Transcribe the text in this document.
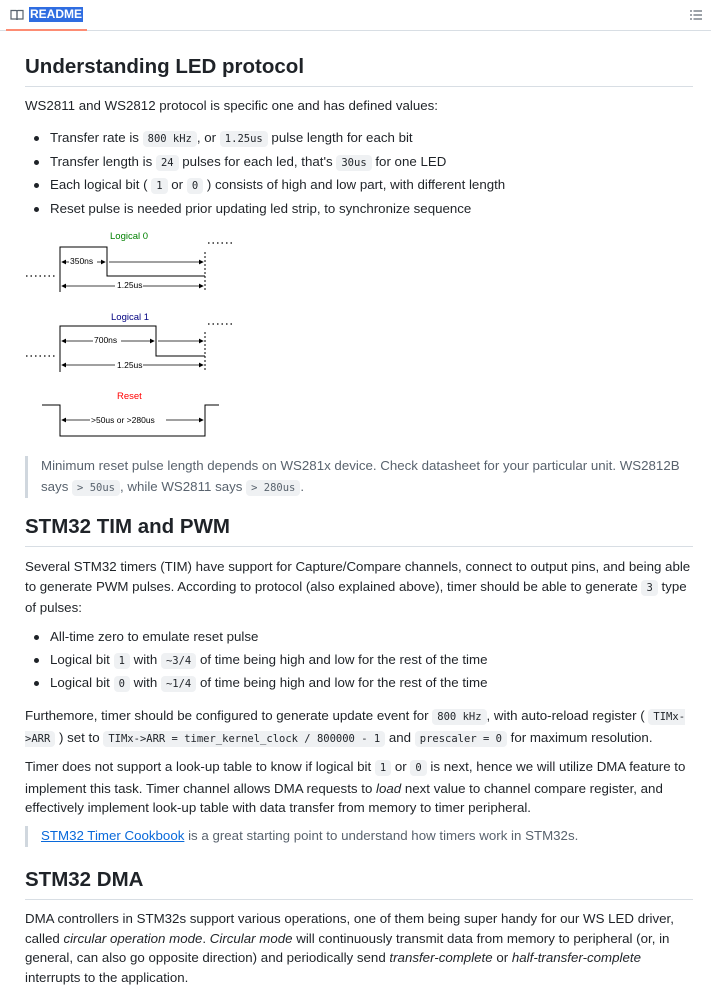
README
Understanding LED protocol

WS2811 and WS2812 protocol is specific one and has defined values:

Transfer rate is 800 kHz , or 1.25us pulse length for each bit
Transfer length is 24 pulses for each led, that's 30us for one LED
Each logical bit ( 1 or 0 ) consists of high and low part, with different length
Reset pulse is needed prior updating led strip, to synchronize sequence
Logical 0
350ns
1.25us
Logical 1
700ns
1.25us
Reset
>50us or >280us
Minimum reset pulse length depends on WS281x device. Check datasheet for your particular unit. WS2812B says > 50us , while WS2811 says > 280us .
STM32 TIM and PWM

Several STM32 timers (TIM) have support for Capture/Compare channels, connect to output pins, and being able to generate PWM pulses. According to protocol (also explained above), timer should be able to generate 3 type of pulses:

All-time zero to emulate reset pulse
Logical bit 1 with ~3/4 of time being high and low for the rest of the time
Logical bit 0 with ~1/4 of time being high and low for the rest of the time

Furthemore, timer should be configured to generate update event for 800 kHz , with auto-reload register ( TIMx->ARR ) set to TIMx->ARR = timer_kernel_clock / 800000 - 1 and prescaler = 0 for maximum resolution.

Timer does not support a look-up table to know if logical bit 1 or 0 is next, hence we will utilize DMA feature to implement this task. Timer channel allows DMA requests to load next value to channel compare register, and effectively implement look-up table with data transfer from memory to timer peripheral.

STM32 Timer Cookbook is a great starting point to understand how timers work in STM32s.
STM32 DMA

DMA controllers in STM32s support various operations, one of them being super handy for our WS LED driver, called circular operation mode. Circular mode will continuously transmit data from memory to peripheral (or, in general, can also go opposite direction) and periodically send transfer-complete or half-transfer-complete interrupts to the application.
